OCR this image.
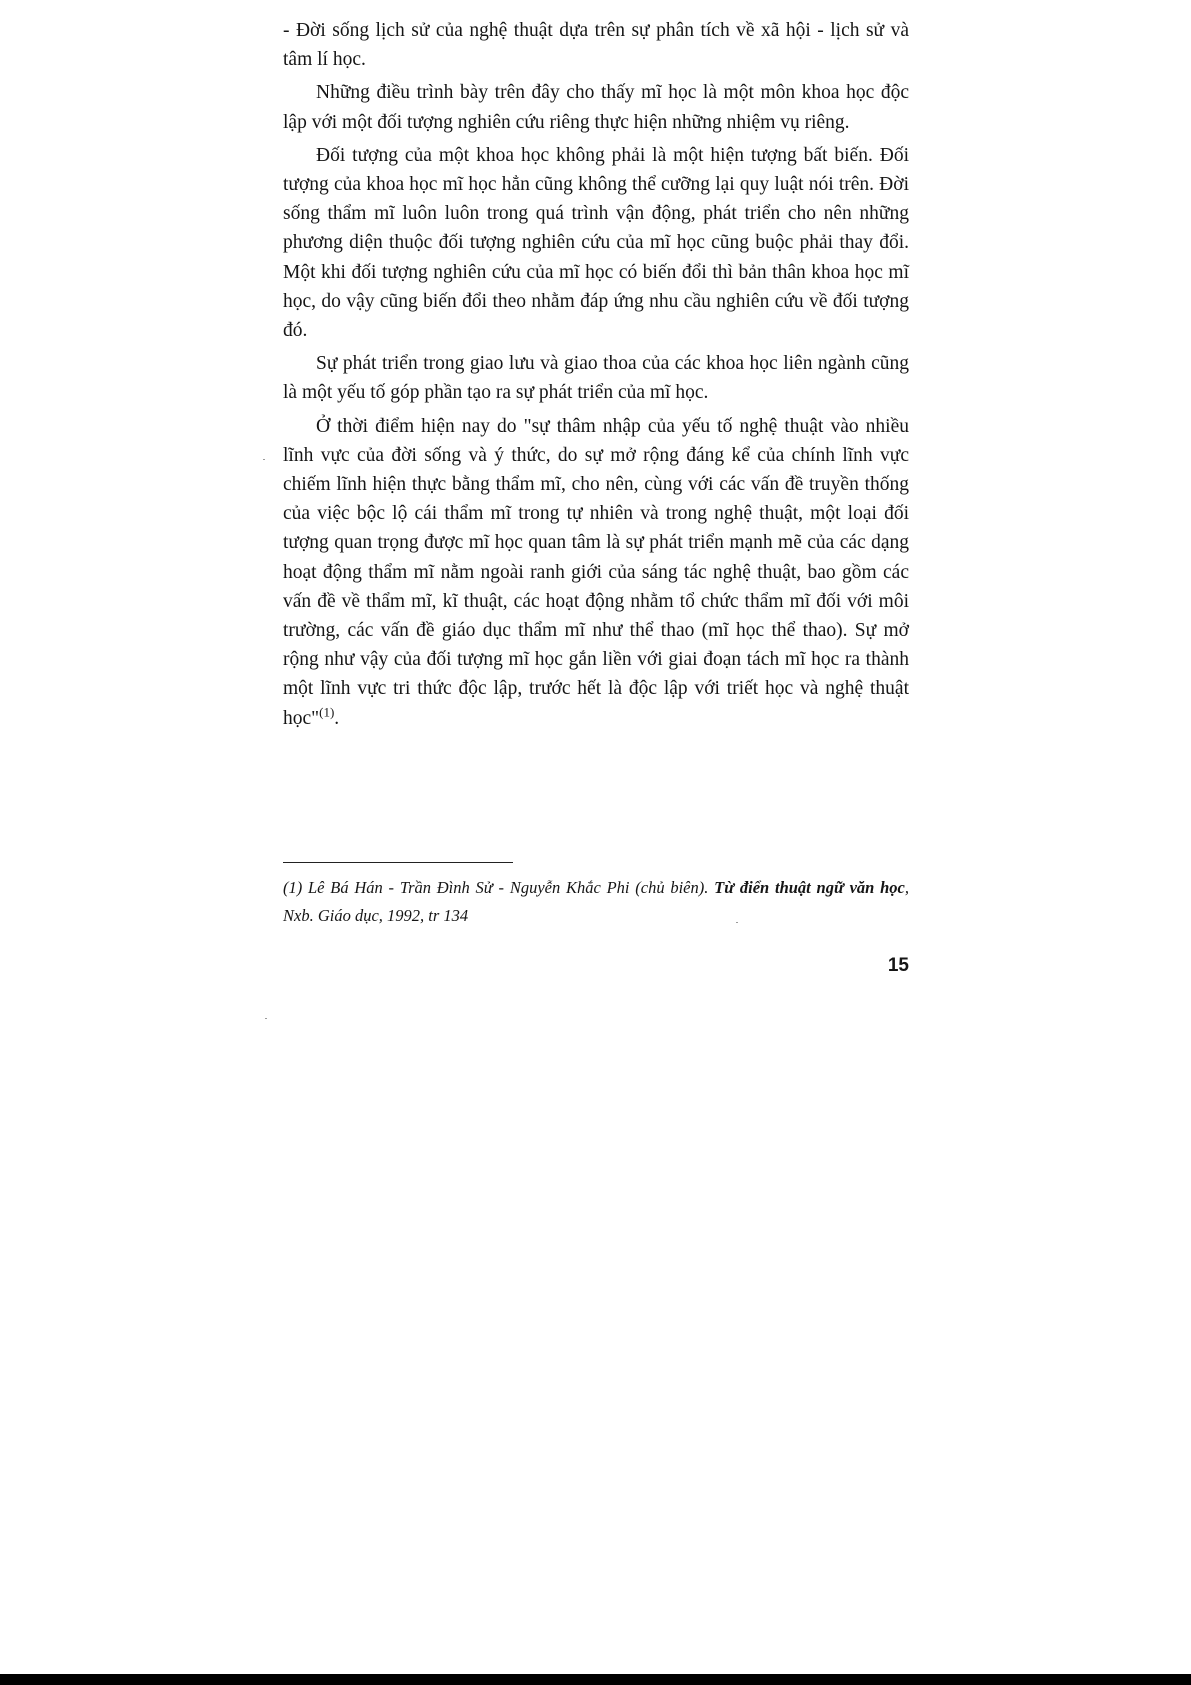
- Đời sống lịch sử của nghệ thuật dựa trên sự phân tích về xã hội - lịch sử và tâm lí học.

Những điều trình bày trên đây cho thấy mĩ học là một môn khoa học độc lập với một đối tượng nghiên cứu riêng thực hiện những nhiệm vụ riêng.

Đối tượng của một khoa học không phải là một hiện tượng bất biến. Đối tượng của khoa học mĩ học hẳn cũng không thể cưỡng lại quy luật nói trên. Đời sống thẩm mĩ luôn luôn trong quá trình vận động, phát triển cho nên những phương diện thuộc đối tượng nghiên cứu của mĩ học cũng buộc phải thay đổi. Một khi đối tượng nghiên cứu của mĩ học có biến đổi thì bản thân khoa học mĩ học, do vậy cũng biến đổi theo nhằm đáp ứng nhu cầu nghiên cứu về đối tượng đó.

Sự phát triển trong giao lưu và giao thoa của các khoa học liên ngành cũng là một yếu tố góp phần tạo ra sự phát triển của mĩ học.

Ở thời điểm hiện nay do "sự thâm nhập của yếu tố nghệ thuật vào nhiều lĩnh vực của đời sống và ý thức, do sự mở rộng đáng kể của chính lĩnh vực chiếm lĩnh hiện thực bằng thẩm mĩ, cho nên, cùng với các vấn đề truyền thống của việc bộc lộ cái thẩm mĩ trong tự nhiên và trong nghệ thuật, một loại đối tượng quan trọng được mĩ học quan tâm là sự phát triển mạnh mẽ của các dạng hoạt động thẩm mĩ nằm ngoài ranh giới của sáng tác nghệ thuật, bao gồm các vấn đề về thẩm mĩ, kĩ thuật, các hoạt động nhằm tổ chức thẩm mĩ đối với môi trường, các vấn đề giáo dục thẩm mĩ như thể thao (mĩ học thể thao). Sự mở rộng như vậy của đối tượng mĩ học gắn liền với giai đoạn tách mĩ học ra thành một lĩnh vực tri thức độc lập, trước hết là độc lập với triết học và nghệ thuật học"$^{(1)}$.

(1) Lê Bá Hán - Trần Đình Sử - Nguyễn Khắc Phi (chủ biên). Từ điển thuật ngữ văn học, Nxb. Giáo dục, 1992, tr 134

15
